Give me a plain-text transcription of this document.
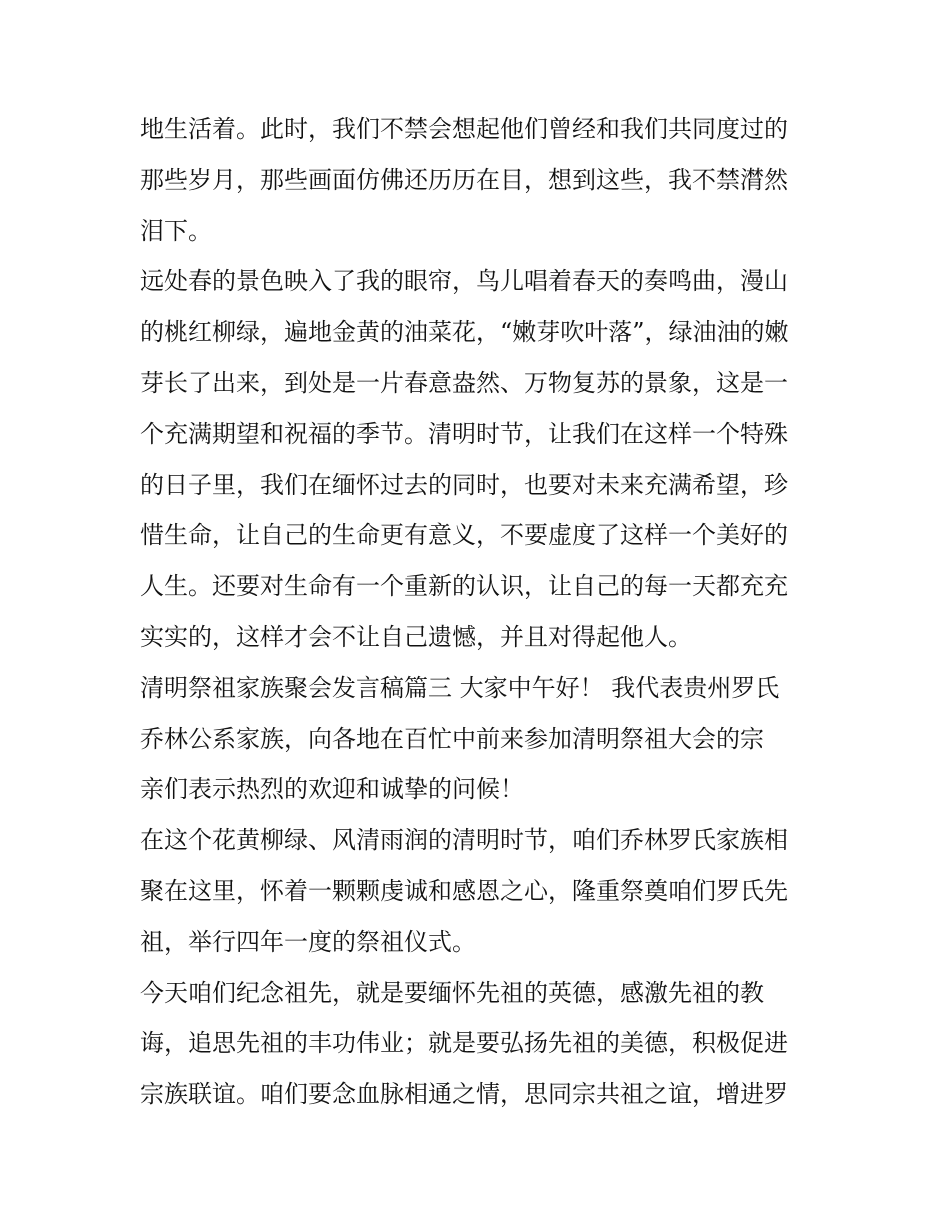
地生活着。此时，我们不禁会想起他们曾经和我们共同度过的
那些岁月，那些画面仿佛还历历在目，想到这些，我不禁潸然
泪下。
远处春的景色映入了我的眼帘，鸟儿唱着春天的奏鸣曲，漫山
的桃红柳绿，遍地金黄的油菜花，“嫩芽吹叶落”，绿油油的嫩
芽长了出来，到处是一片春意盎然、万物复苏的景象，这是一
个充满期望和祝福的季节。清明时节，让我们在这样一个特殊
的日子里，我们在缅怀过去的同时，也要对未来充满希望，珍
惜生命，让自己的生命更有意义，不要虚度了这样一个美好的
人生。还要对生命有一个重新的认识，让自己的每一天都充充
实实的，这样才会不让自己遗憾，并且对得起他人。
清明祭祖家族聚会发言稿篇三 大家中午好！ 我代表贵州罗氏
乔林公系家族，向各地在百忙中前来参加清明祭祖大会的宗
亲们表示热烈的欢迎和诚挚的问候！
在这个花黄柳绿、风清雨润的清明时节，咱们乔林罗氏家族相
聚在这里，怀着一颗颗虔诚和感恩之心，隆重祭奠咱们罗氏先
祖，举行四年一度的祭祖仪式。
今天咱们纪念祖先，就是要缅怀先祖的英德，感激先祖的教
诲，追思先祖的丰功伟业；就是要弘扬先祖的美德，积极促进
宗族联谊。咱们要念血脉相通之情，思同宗共祖之谊，增进罗
